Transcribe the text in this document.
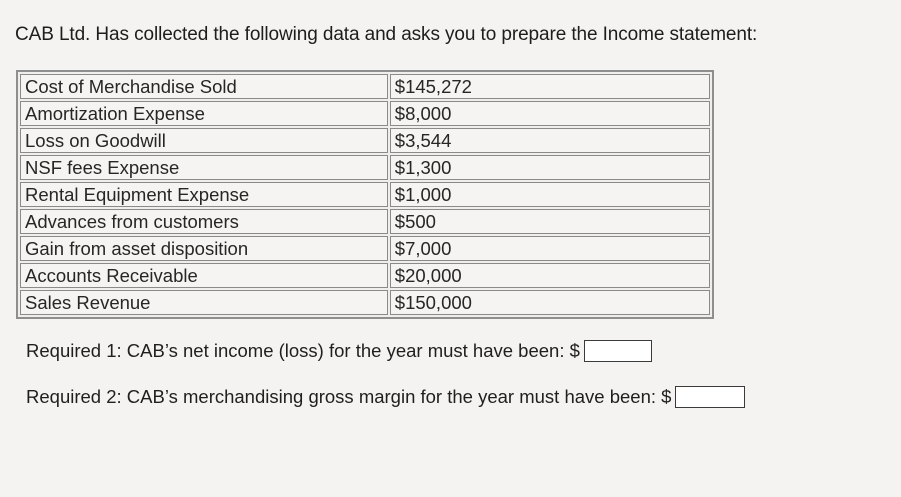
CAB Ltd. Has collected the following data and asks you to prepare the Income statement:
Cost of Merchandise Sold	$145,272
Amortization Expense	$8,000
Loss on Goodwill	$3,544
NSF fees Expense	$1,300
Rental Equipment Expense	$1,000
Advances from customers	$500
Gain from asset disposition	$7,000
Accounts Receivable	$20,000
Sales Revenue	$150,000
Required 1: CAB’s net income (loss) for the year must have been: $
Required 2: CAB’s merchandising gross margin for the year must have been: $
